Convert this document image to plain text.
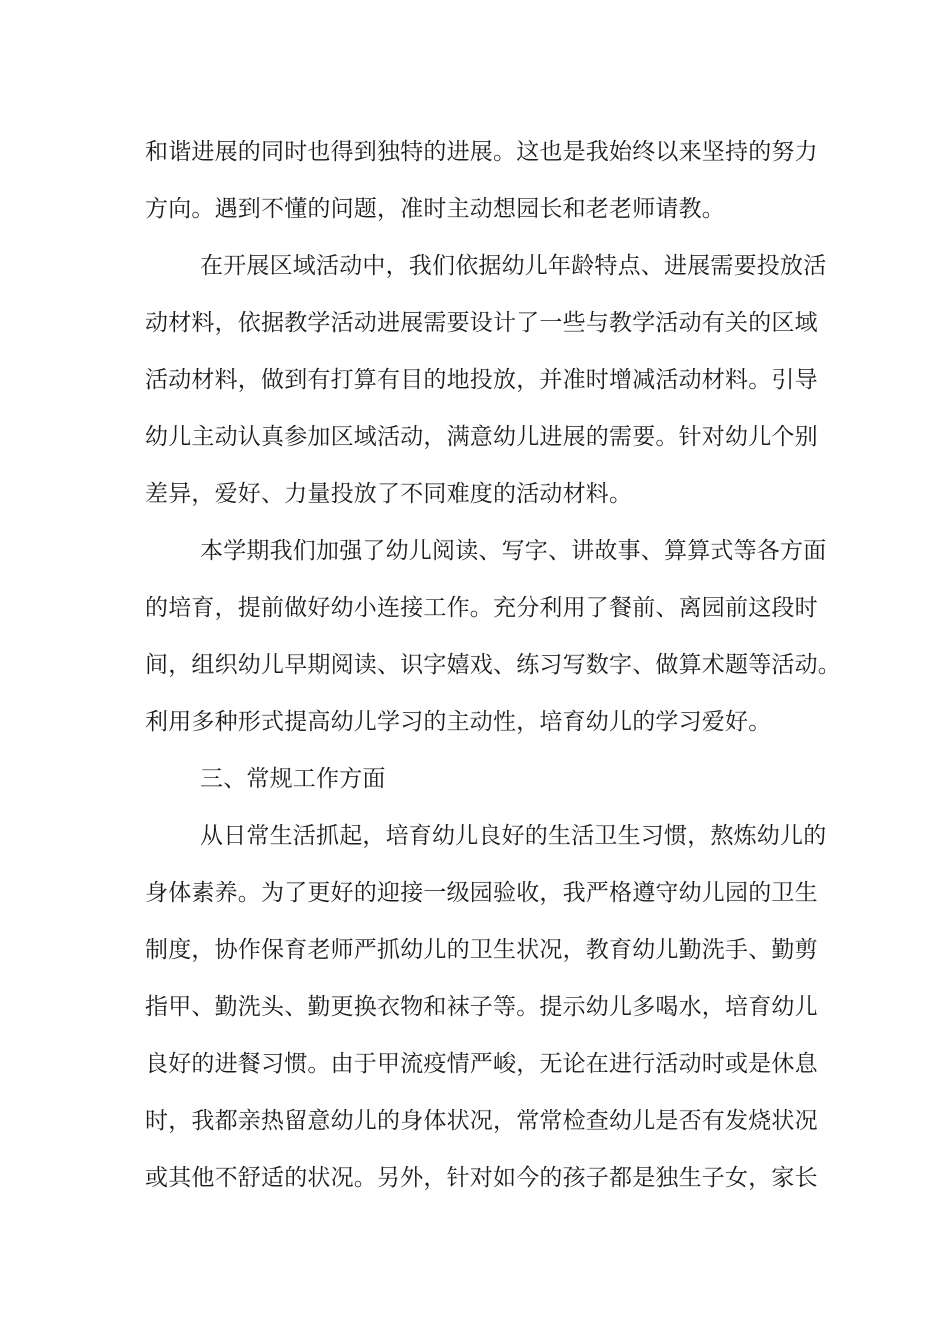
和谐进展的同时也得到独特的进展。这也是我始终以来坚持的努力
方向。遇到不懂的问题，准时主动想园长和老老师请教。
在开展区域活动中，我们依据幼儿年龄特点、进展需要投放活
动材料，依据教学活动进展需要设计了一些与教学活动有关的区域
活动材料，做到有打算有目的地投放，并准时增减活动材料。引导
幼儿主动认真参加区域活动，满意幼儿进展的需要。针对幼儿个别
差异，爱好、力量投放了不同难度的活动材料。
本学期我们加强了幼儿阅读、写字、讲故事、算算式等各方面
的培育，提前做好幼小连接工作。充分利用了餐前、离园前这段时
间，组织幼儿早期阅读、识字嬉戏、练习写数字、做算术题等活动。
利用多种形式提高幼儿学习的主动性，培育幼儿的学习爱好。
三、常规工作方面
从日常生活抓起，培育幼儿良好的生活卫生习惯，熬炼幼儿的
身体素养。为了更好的迎接一级园验收，我严格遵守幼儿园的卫生
制度，协作保育老师严抓幼儿的卫生状况，教育幼儿勤洗手、勤剪
指甲、勤洗头、勤更换衣物和袜子等。提示幼儿多喝水，培育幼儿
良好的进餐习惯。由于甲流疫情严峻，无论在进行活动时或是休息
时，我都亲热留意幼儿的身体状况，常常检查幼儿是否有发烧状况
或其他不舒适的状况。另外，针对如今的孩子都是独生子女，家长
